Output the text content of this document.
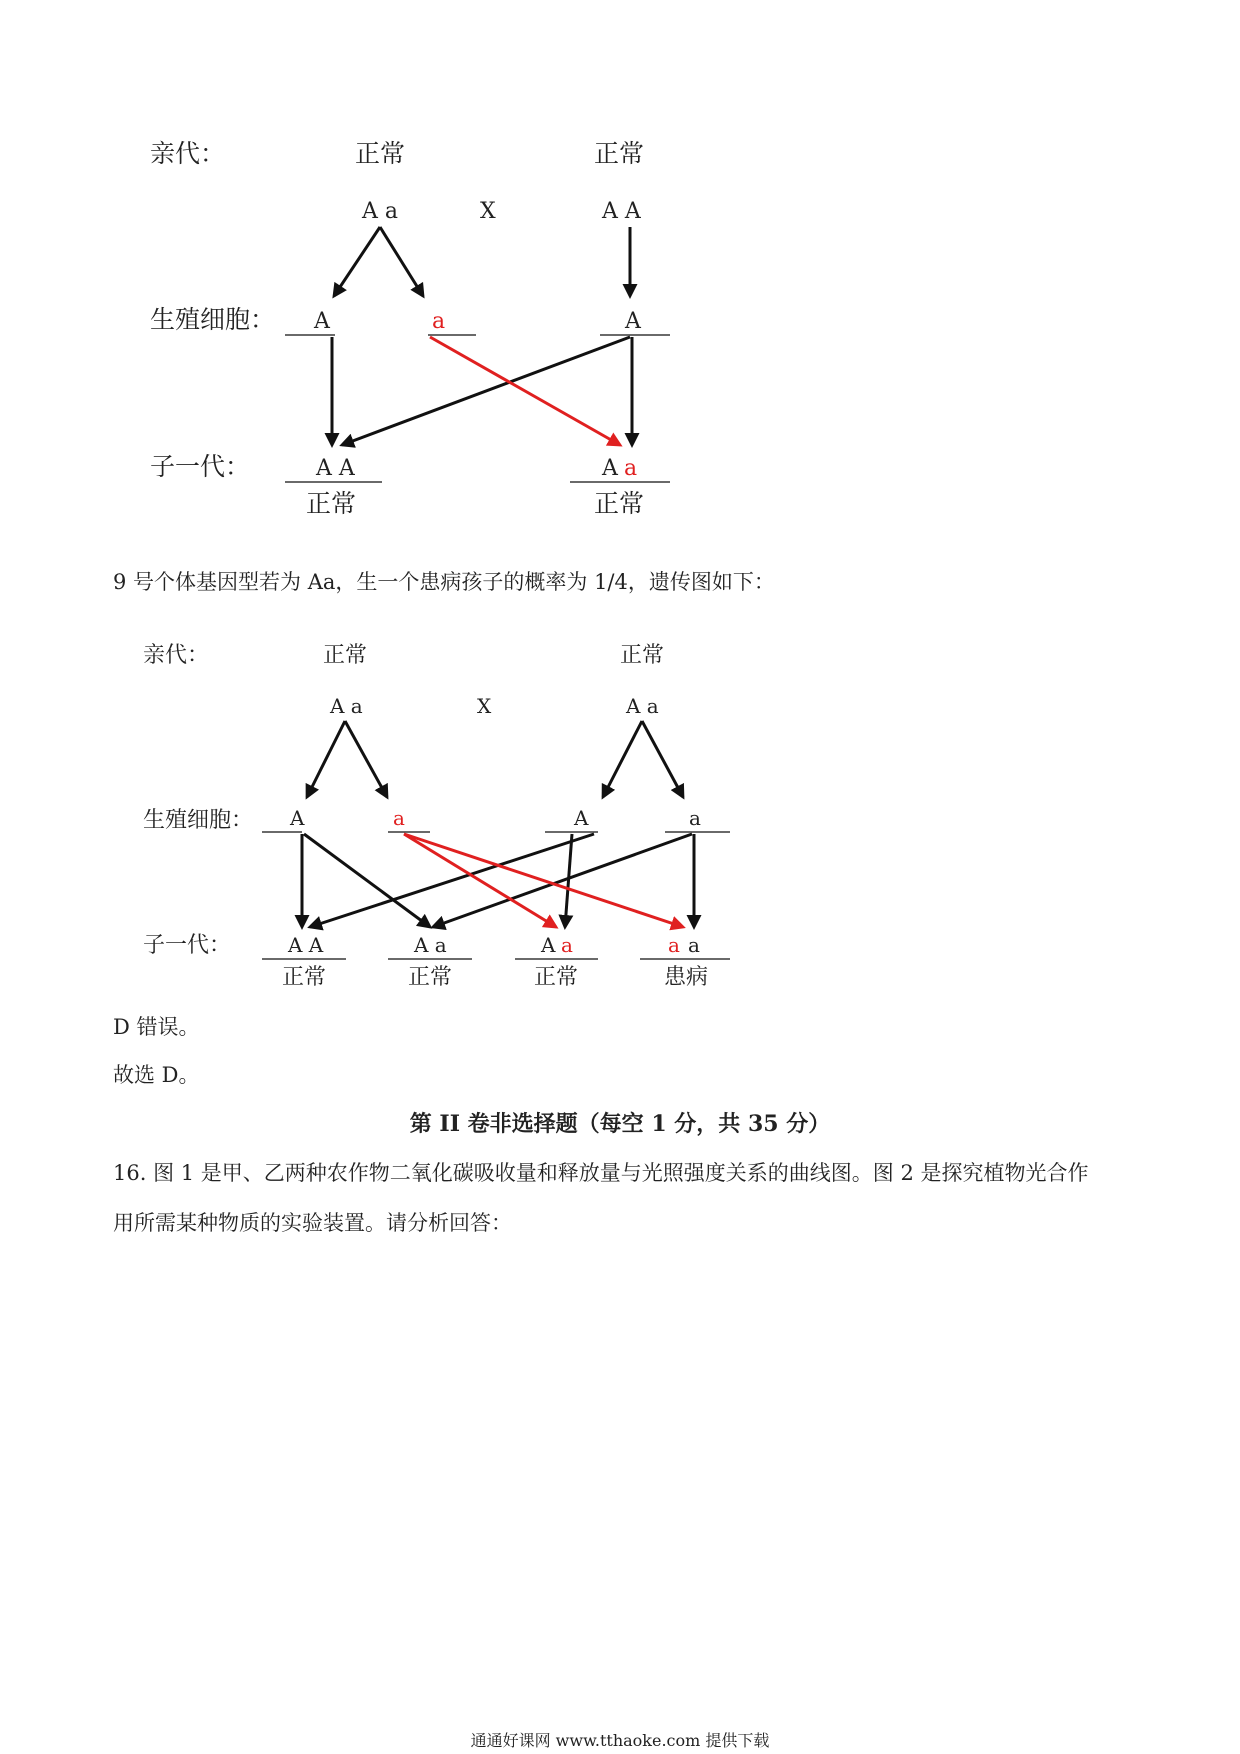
亲代：	正常	正常
A a	X	A A
生殖细胞： A	a	A
子一代：	A A	A a
正常	正常
9 号个体基因型若为 Aa，生一个患病孩子的概率为 1/4，遗传图如下：
亲代：	正常	正常
A a	X	A a
生殖细胞： A	a	A	a
子一代：	A A	A a	A a	a a
正常	正常	正常	患病
D 错误。
故选 D。
第 II 卷非选择题（每空 1 分，共 35 分）
16. 图 1 是甲、乙两种农作物二氧化碳吸收量和释放量与光照强度关系的曲线图。图 2 是探究植物光合作
用所需某种物质的实验装置。请分析回答：
通通好课网 www.tthaoke.com 提供下载
